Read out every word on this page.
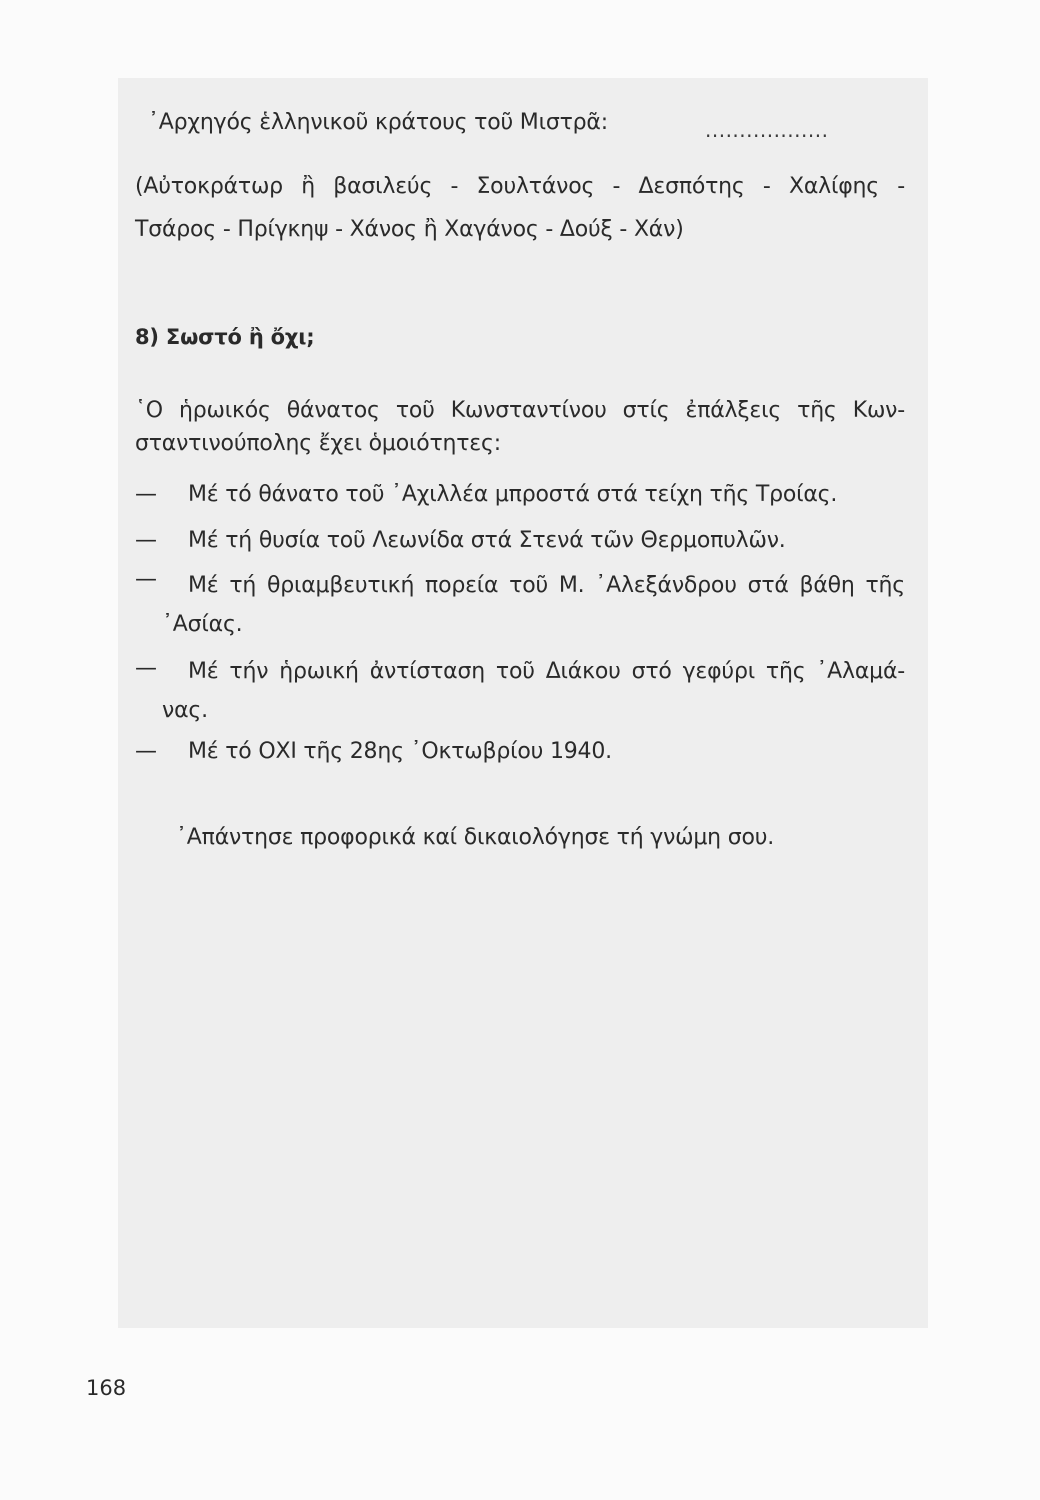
᾽Αρχηγός ἑλληνικοῦ κράτους τοῦ Μιστρᾶ:	..................
(Αὐτοκράτωρ ἢ βασιλεύς - Σουλτάνος - Δεσπότης - Χαλίφης -
Τσάρος - Πρίγκηψ - Χάνος ἢ Χαγάνος - Δούξ - Χάν)
8) Σωστό ἢ ὄχι;
῾Ο ἡρωικός θάνατος τοῦ Κωνσταντίνου στίς ἐπάλξεις τῆς Κων-
σταντινούπολης ἔχει ὁμοιότητες:
— Μέ τό θάνατο τοῦ ᾽Αχιλλέα μπροστά στά τείχη τῆς Τροίας.
— Μέ τή θυσία τοῦ Λεωνίδα στά Στενά τῶν Θερμοπυλῶν.
— Μέ τή θριαμβευτική πορεία τοῦ Μ. ᾽Αλεξάνδρου στά βάθη τῆς
᾽Ασίας.
— Μέ τήν ἡρωική ἀντίσταση τοῦ Διάκου στό γεφύρι τῆς ᾽Αλαμά-
νας.
— Μέ τό ΟΧΙ τῆς 28ης ᾽Οκτωβρίου 1940.
᾽Απάντησε προφορικά καί δικαιολόγησε τή γνώμη σου.
168
